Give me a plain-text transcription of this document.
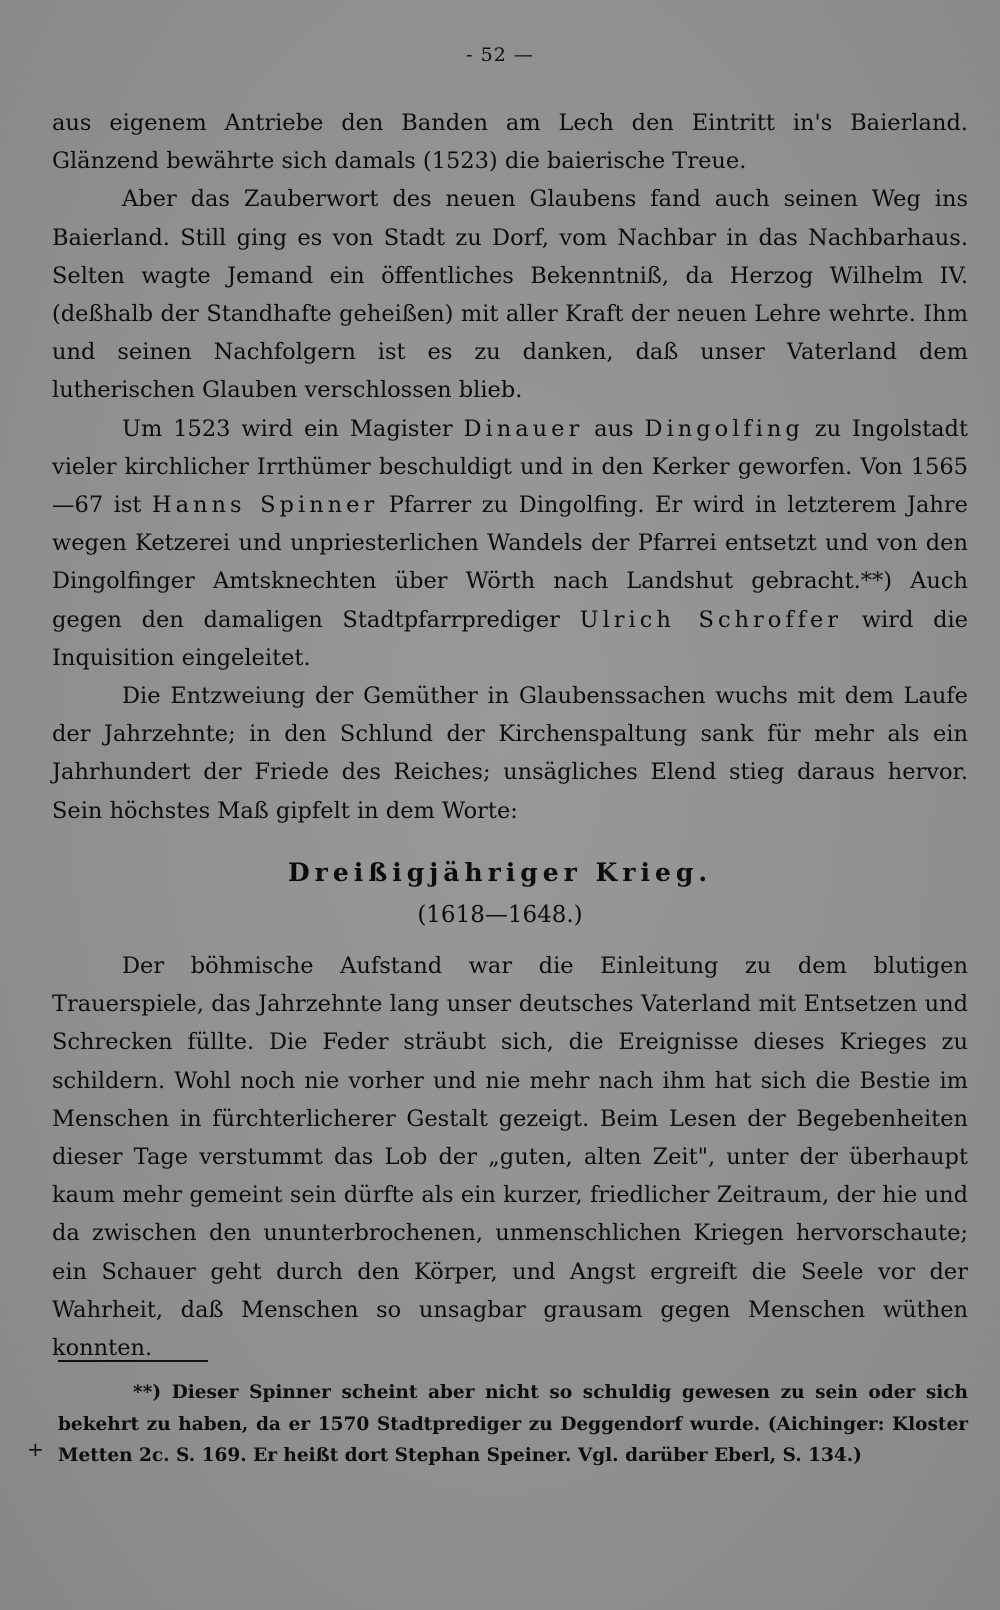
- 52 —

aus eigenem Antriebe den Banden am Lech den Eintritt in's Baierland. Glänzend bewährte sich damals (1523) die baierische Treue.

Aber das Zauberwort des neuen Glaubens fand auch seinen Weg ins Baierland. Still ging es von Stadt zu Dorf, vom Nachbar in das Nachbarhaus. Selten wagte Jemand ein öffentliches Bekenntniß, da Herzog Wilhelm IV. (deßhalb der Standhafte geheißen) mit aller Kraft der neuen Lehre wehrte. Ihm und seinen Nachfolgern ist es zu danken, daß unser Vaterland dem lutherischen Glauben verschlossen blieb.

Um 1523 wird ein Magister Dinauer aus Dingolfing zu Ingolstadt vieler kirchlicher Irrthümer beschuldigt und in den Kerker geworfen. Von 1565—67 ist Hanns Spinner Pfarrer zu Dingolfing. Er wird in letzterem Jahre wegen Ketzerei und unpriesterlichen Wandels der Pfarrei entsetzt und von den Dingolfinger Amtsknechten über Wörth nach Landshut gebracht.**) Auch gegen den damaligen Stadtpfarrprediger Ulrich Schroffer wird die Inquisition eingeleitet.

Die Entzweiung der Gemüther in Glaubenssachen wuchs mit dem Laufe der Jahrzehnte; in den Schlund der Kirchenspaltung sank für mehr als ein Jahrhundert der Friede des Reiches; unsägliches Elend stieg daraus hervor. Sein höchstes Maß gipfelt in dem Worte:

Dreißigjähriger Krieg.
(1618—1648.)

Der böhmische Aufstand war die Einleitung zu dem blutigen Trauerspiele, das Jahrzehnte lang unser deutsches Vaterland mit Entsetzen und Schrecken füllte. Die Feder sträubt sich, die Ereignisse dieses Krieges zu schildern. Wohl noch nie vorher und nie mehr nach ihm hat sich die Bestie im Menschen in fürchterlicherer Gestalt gezeigt. Beim Lesen der Begebenheiten dieser Tage verstummt das Lob der „guten, alten Zeit", unter der überhaupt kaum mehr gemeint sein dürfte als ein kurzer, friedlicher Zeitraum, der hie und da zwischen den ununterbrochenen, unmenschlichen Kriegen hervorschaute; ein Schauer geht durch den Körper, und Angst ergreift die Seele vor der Wahrheit, daß Menschen so unsagbar grausam gegen Menschen wüthen konnten.

**) Dieser Spinner scheint aber nicht so schuldig gewesen zu sein oder sich bekehrt zu haben, da er 1570 Stadtprediger zu Deggendorf wurde. (Aichinger: Kloster Metten 2c. S. 169. Er heißt dort Stephan Speiner. Vgl. darüber Eberl, S. 134.)

+
